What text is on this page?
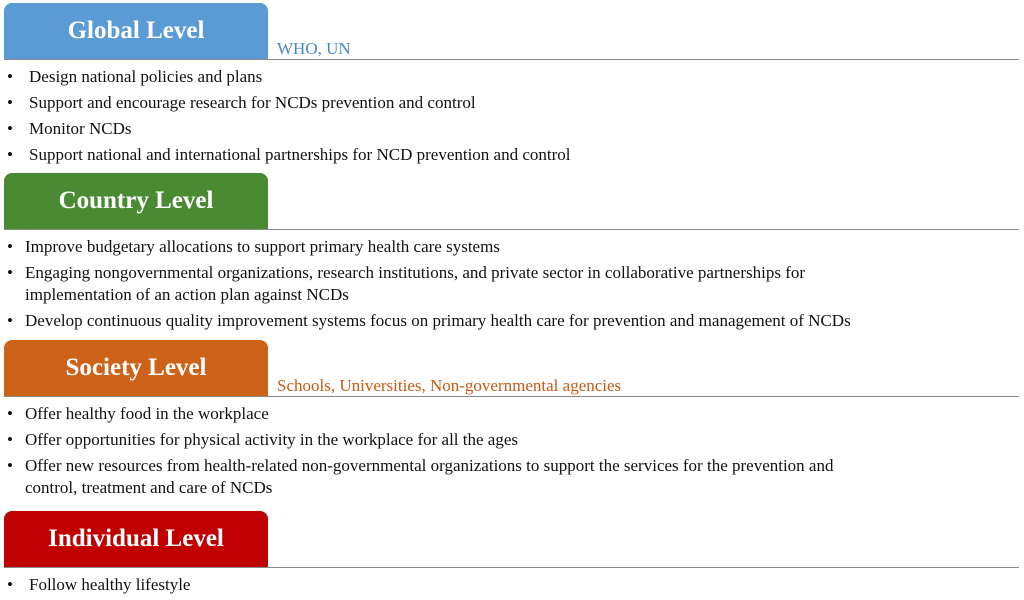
Global Level
WHO, UN
• Design national policies and plans
• Support and encourage research for NCDs prevention and control
• Monitor NCDs
• Support national and international partnerships for NCD prevention and control
Country Level
• Improve budgetary allocations to support primary health care systems
• Engaging nongovernmental organizations, research institutions, and private sector in collaborative partnerships for
implementation of an action plan against NCDs
• Develop continuous quality improvement systems focus on primary health care for prevention and management of NCDs
Society Level
Schools, Universities, Non-governmental agencies
• Offer healthy food in the workplace
• Offer opportunities for physical activity in the workplace for all the ages
• Offer new resources from health-related non-governmental organizations to support the services for the prevention and
control, treatment and care of NCDs
Individual Level
• Follow healthy lifestyle
